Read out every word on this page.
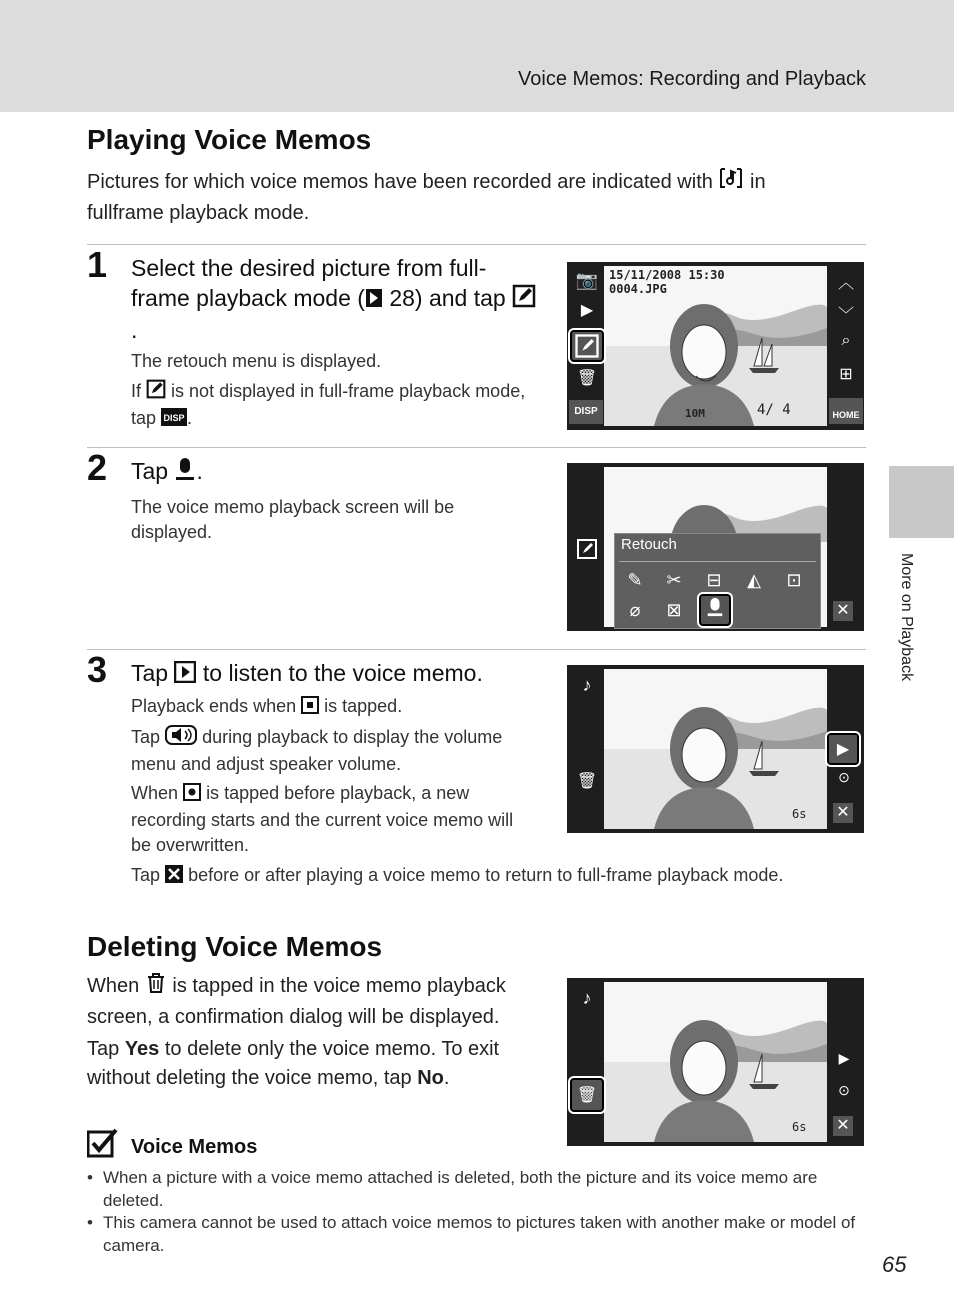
Voice Memos: Recording and Playback
More on Playback
Playing Voice Memos
Pictures for which voice memos have been recorded are indicated with in fullframe playback mode.
1 Select the desired picture from full-frame playback mode ( 28) and tap .
The retouch menu is displayed.
If is not displayed in full-frame playback mode, tap DISP .
15/11/2008 15:30
0004.JPG
10M	4/ 4
📷
▶
🗑
DISP
︿
﹀
⌕
⊞
HOME
2 Tap .
The voice memo playback screen will be displayed.
Retouch
✎	✂	⊟	◭	⊡
⌀	⊠	✕
3 Tap to listen to the voice memo.
Playback ends when is tapped.
Tap during playback to display the volume menu and adjust speaker volume.
When is tapped before playback, a new recording starts and the current voice memo will be overwritten.
Tap before or after playing a voice memo to return to full-frame playback mode.
♪
🗑
6s
▶
⊙
✕
Deleting Voice Memos
When is tapped in the voice memo playback screen, a confirmation dialog will be displayed.
Tap Yes to delete only the voice memo. To exit without deleting the voice memo, tap No.
♪
🗑
6s
▶
⊙
✕
Voice Memos
• When a picture with a voice memo attached is deleted, both the picture and its voice memo are deleted.
• This camera cannot be used to attach voice memos to pictures taken with another make or model of camera.
65
